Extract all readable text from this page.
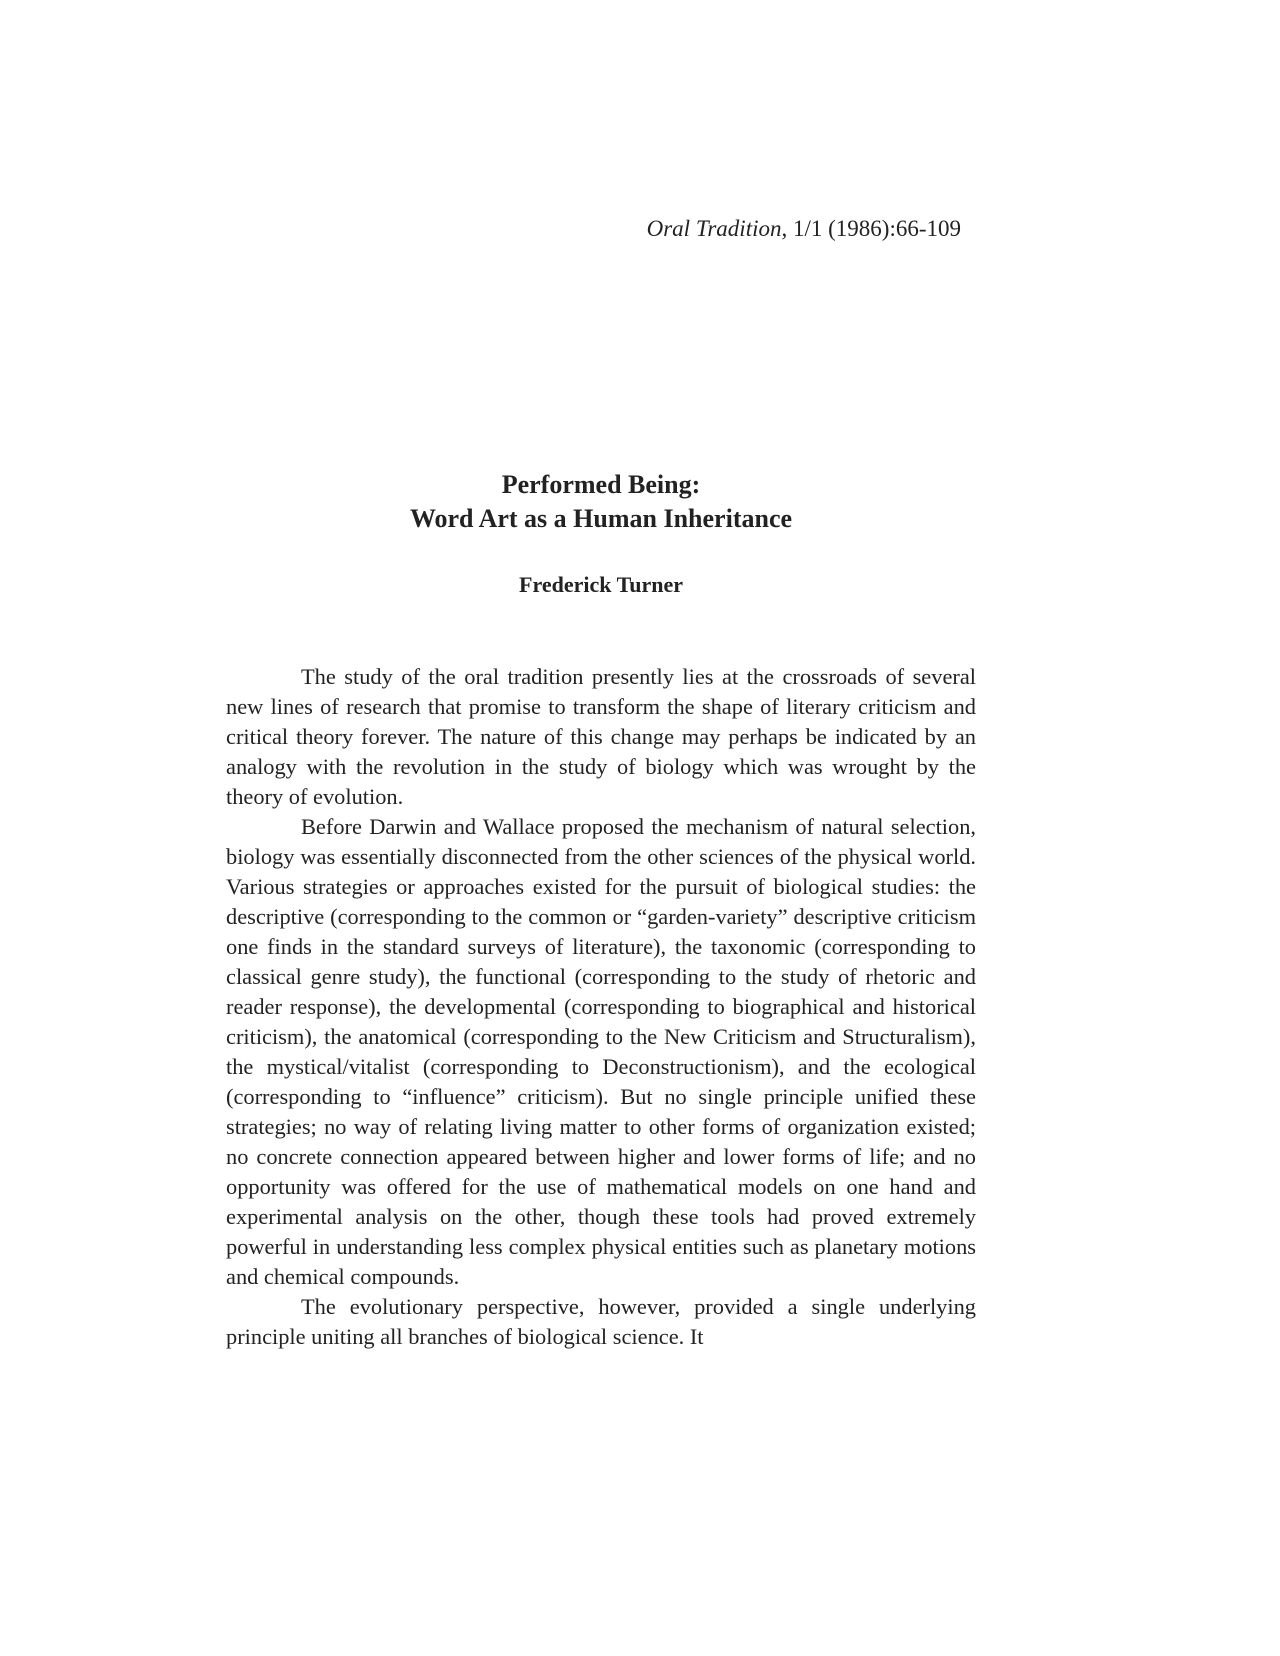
Oral Tradition, 1/1 (1986):66-109

Performed Being:

Word Art as a Human Inheritance

Frederick Turner

The study of the oral tradition presently lies at the crossroads of several new lines of research that promise to transform the shape of literary criticism and critical theory forever. The nature of this change may perhaps be indicated by an analogy with the revolution in the study of biology which was wrought by the theory of evolution.

Before Darwin and Wallace proposed the mechanism of natural selection, biology was essentially disconnected from the other sciences of the physical world. Various strategies or approaches existed for the pursuit of biological studies: the descriptive (corresponding to the common or “garden-variety” descriptive criticism one finds in the standard surveys of literature), the taxonomic (corresponding to classical genre study), the functional (corresponding to the study of rhetoric and reader response), the developmental (corresponding to biographical and historical criticism), the anatomical (corresponding to the New Criticism and Structuralism), the mystical/vitalist (corresponding to Deconstructionism), and the ecological (corresponding to “influence” criticism). But no single principle unified these strategies; no way of relating living matter to other forms of organization existed; no concrete connection appeared between higher and lower forms of life; and no opportunity was offered for the use of mathematical models on one hand and experimental analysis on the other, though these tools had proved extremely powerful in understanding less complex physical entities such as planetary motions and chemical compounds.

The evolutionary perspective, however, provided a single underlying principle uniting all branches of biological science. It
